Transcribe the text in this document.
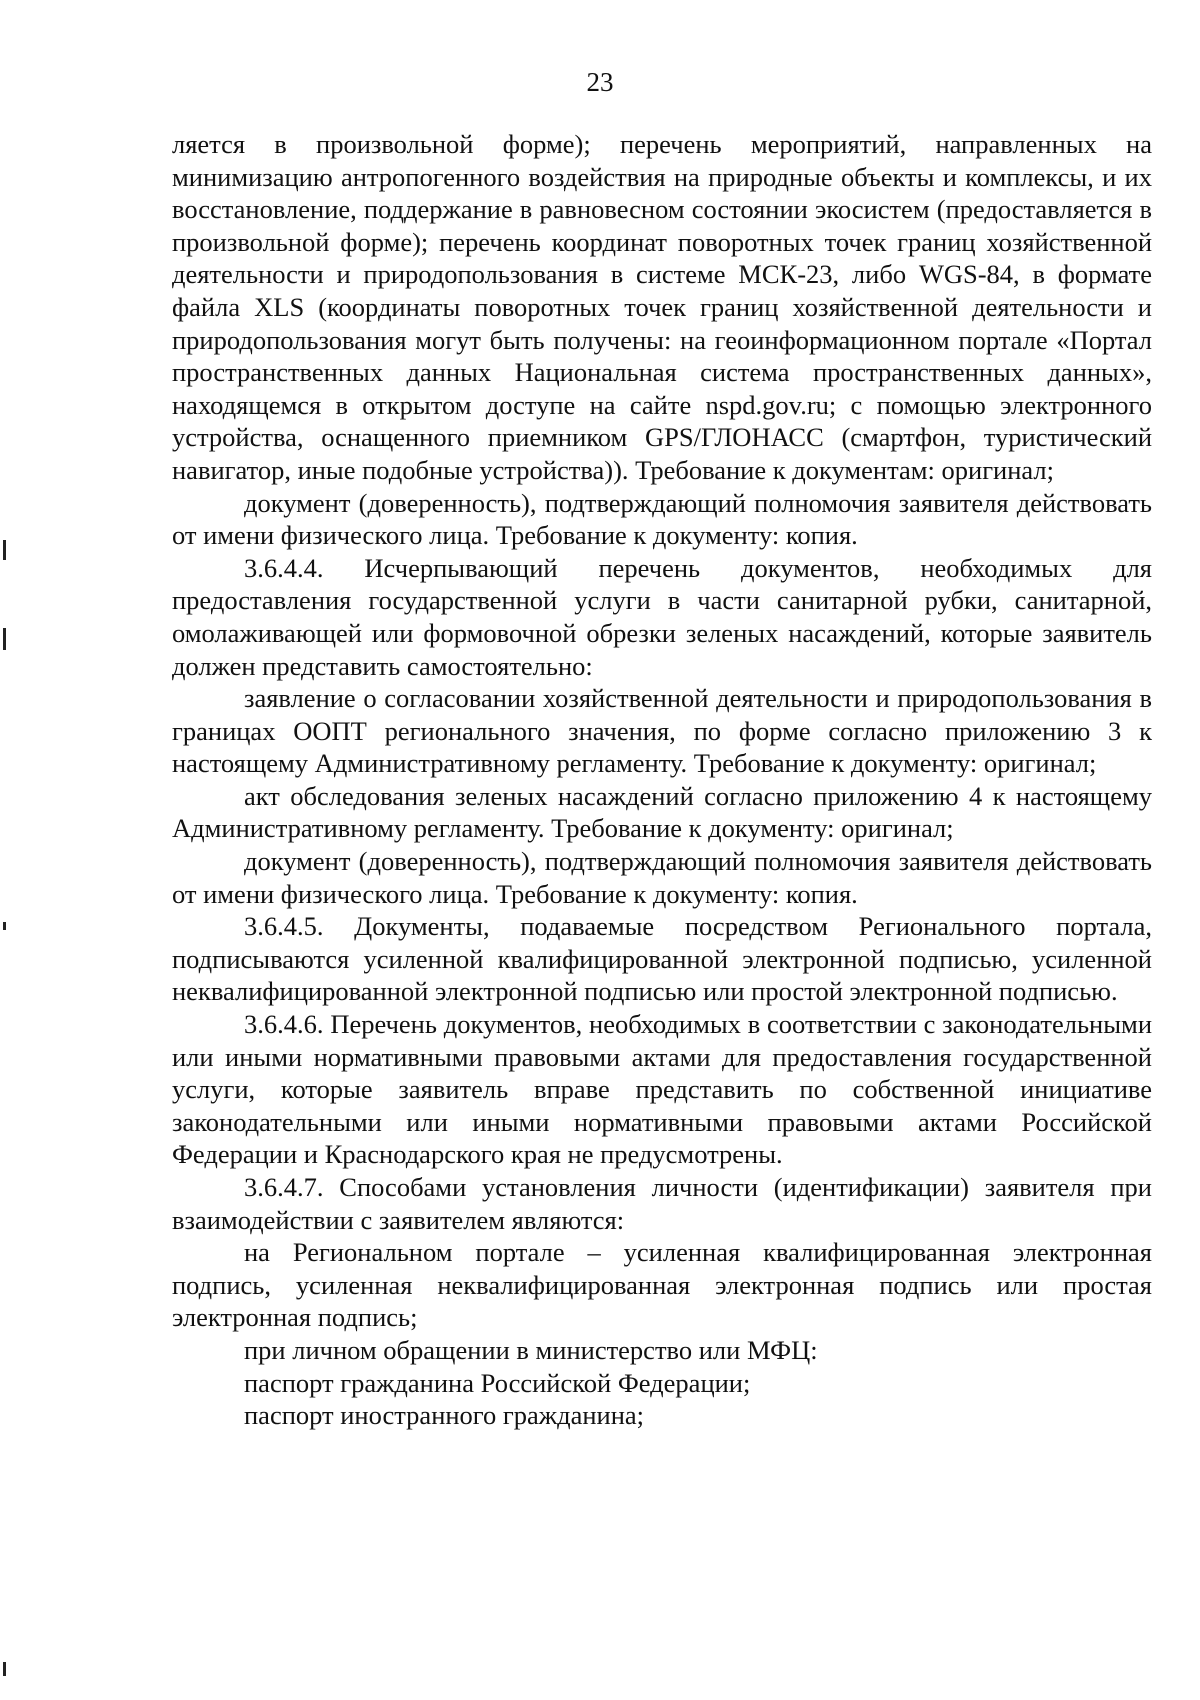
23

ляется в произвольной форме); перечень мероприятий, направленных на минимизацию антропогенного воздействия на природные объекты и комплексы, и их восстановление, поддержание в равновесном состоянии экосистем (предоставляется в произвольной форме); перечень координат поворотных точек границ хозяйственной деятельности и природопользования в системе МСК-23, либо WGS-84, в формате файла XLS (координаты поворотных точек границ хозяйственной деятельности и природопользования могут быть получены: на геоинформационном портале «Портал пространственных данных Национальная система пространственных данных», находящемся в открытом доступе на сайте nspd.gov.ru; с помощью электронного устройства, оснащенного приемником GPS/ГЛОНАСС (смартфон, туристический навигатор, иные подобные устройства)). Требование к документам: оригинал;

документ (доверенность), подтверждающий полномочия заявителя действовать от имени физического лица. Требование к документу: копия.

3.6.4.4. Исчерпывающий перечень документов, необходимых для предоставления государственной услуги в части санитарной рубки, санитарной, омолаживающей или формовочной обрезки зеленых насаждений, которые заявитель должен представить самостоятельно:

заявление о согласовании хозяйственной деятельности и природопользования в границах ООПТ регионального значения, по форме согласно приложению 3 к настоящему Административному регламенту. Требование к документу: оригинал;

акт обследования зеленых насаждений согласно приложению 4 к настоящему Административному регламенту. Требование к документу: оригинал;

документ (доверенность), подтверждающий полномочия заявителя действовать от имени физического лица. Требование к документу: копия.

3.6.4.5. Документы, подаваемые посредством Регионального портала, подписываются усиленной квалифицированной электронной подписью, усиленной неквалифицированной электронной подписью или простой электронной подписью.

3.6.4.6. Перечень документов, необходимых в соответствии с законодательными или иными нормативными правовыми актами для предоставления государственной услуги, которые заявитель вправе представить по собственной инициативе законодательными или иными нормативными правовыми актами Российской Федерации и Краснодарского края не предусмотрены.

3.6.4.7. Способами установления личности (идентификации) заявителя при взаимодействии с заявителем являются:

на Региональном портале – усиленная квалифицированная электронная подпись, усиленная неквалифицированная электронная подпись или простая электронная подпись;

при личном обращении в министерство или МФЦ:

паспорт гражданина Российской Федерации;

паспорт иностранного гражданина;
